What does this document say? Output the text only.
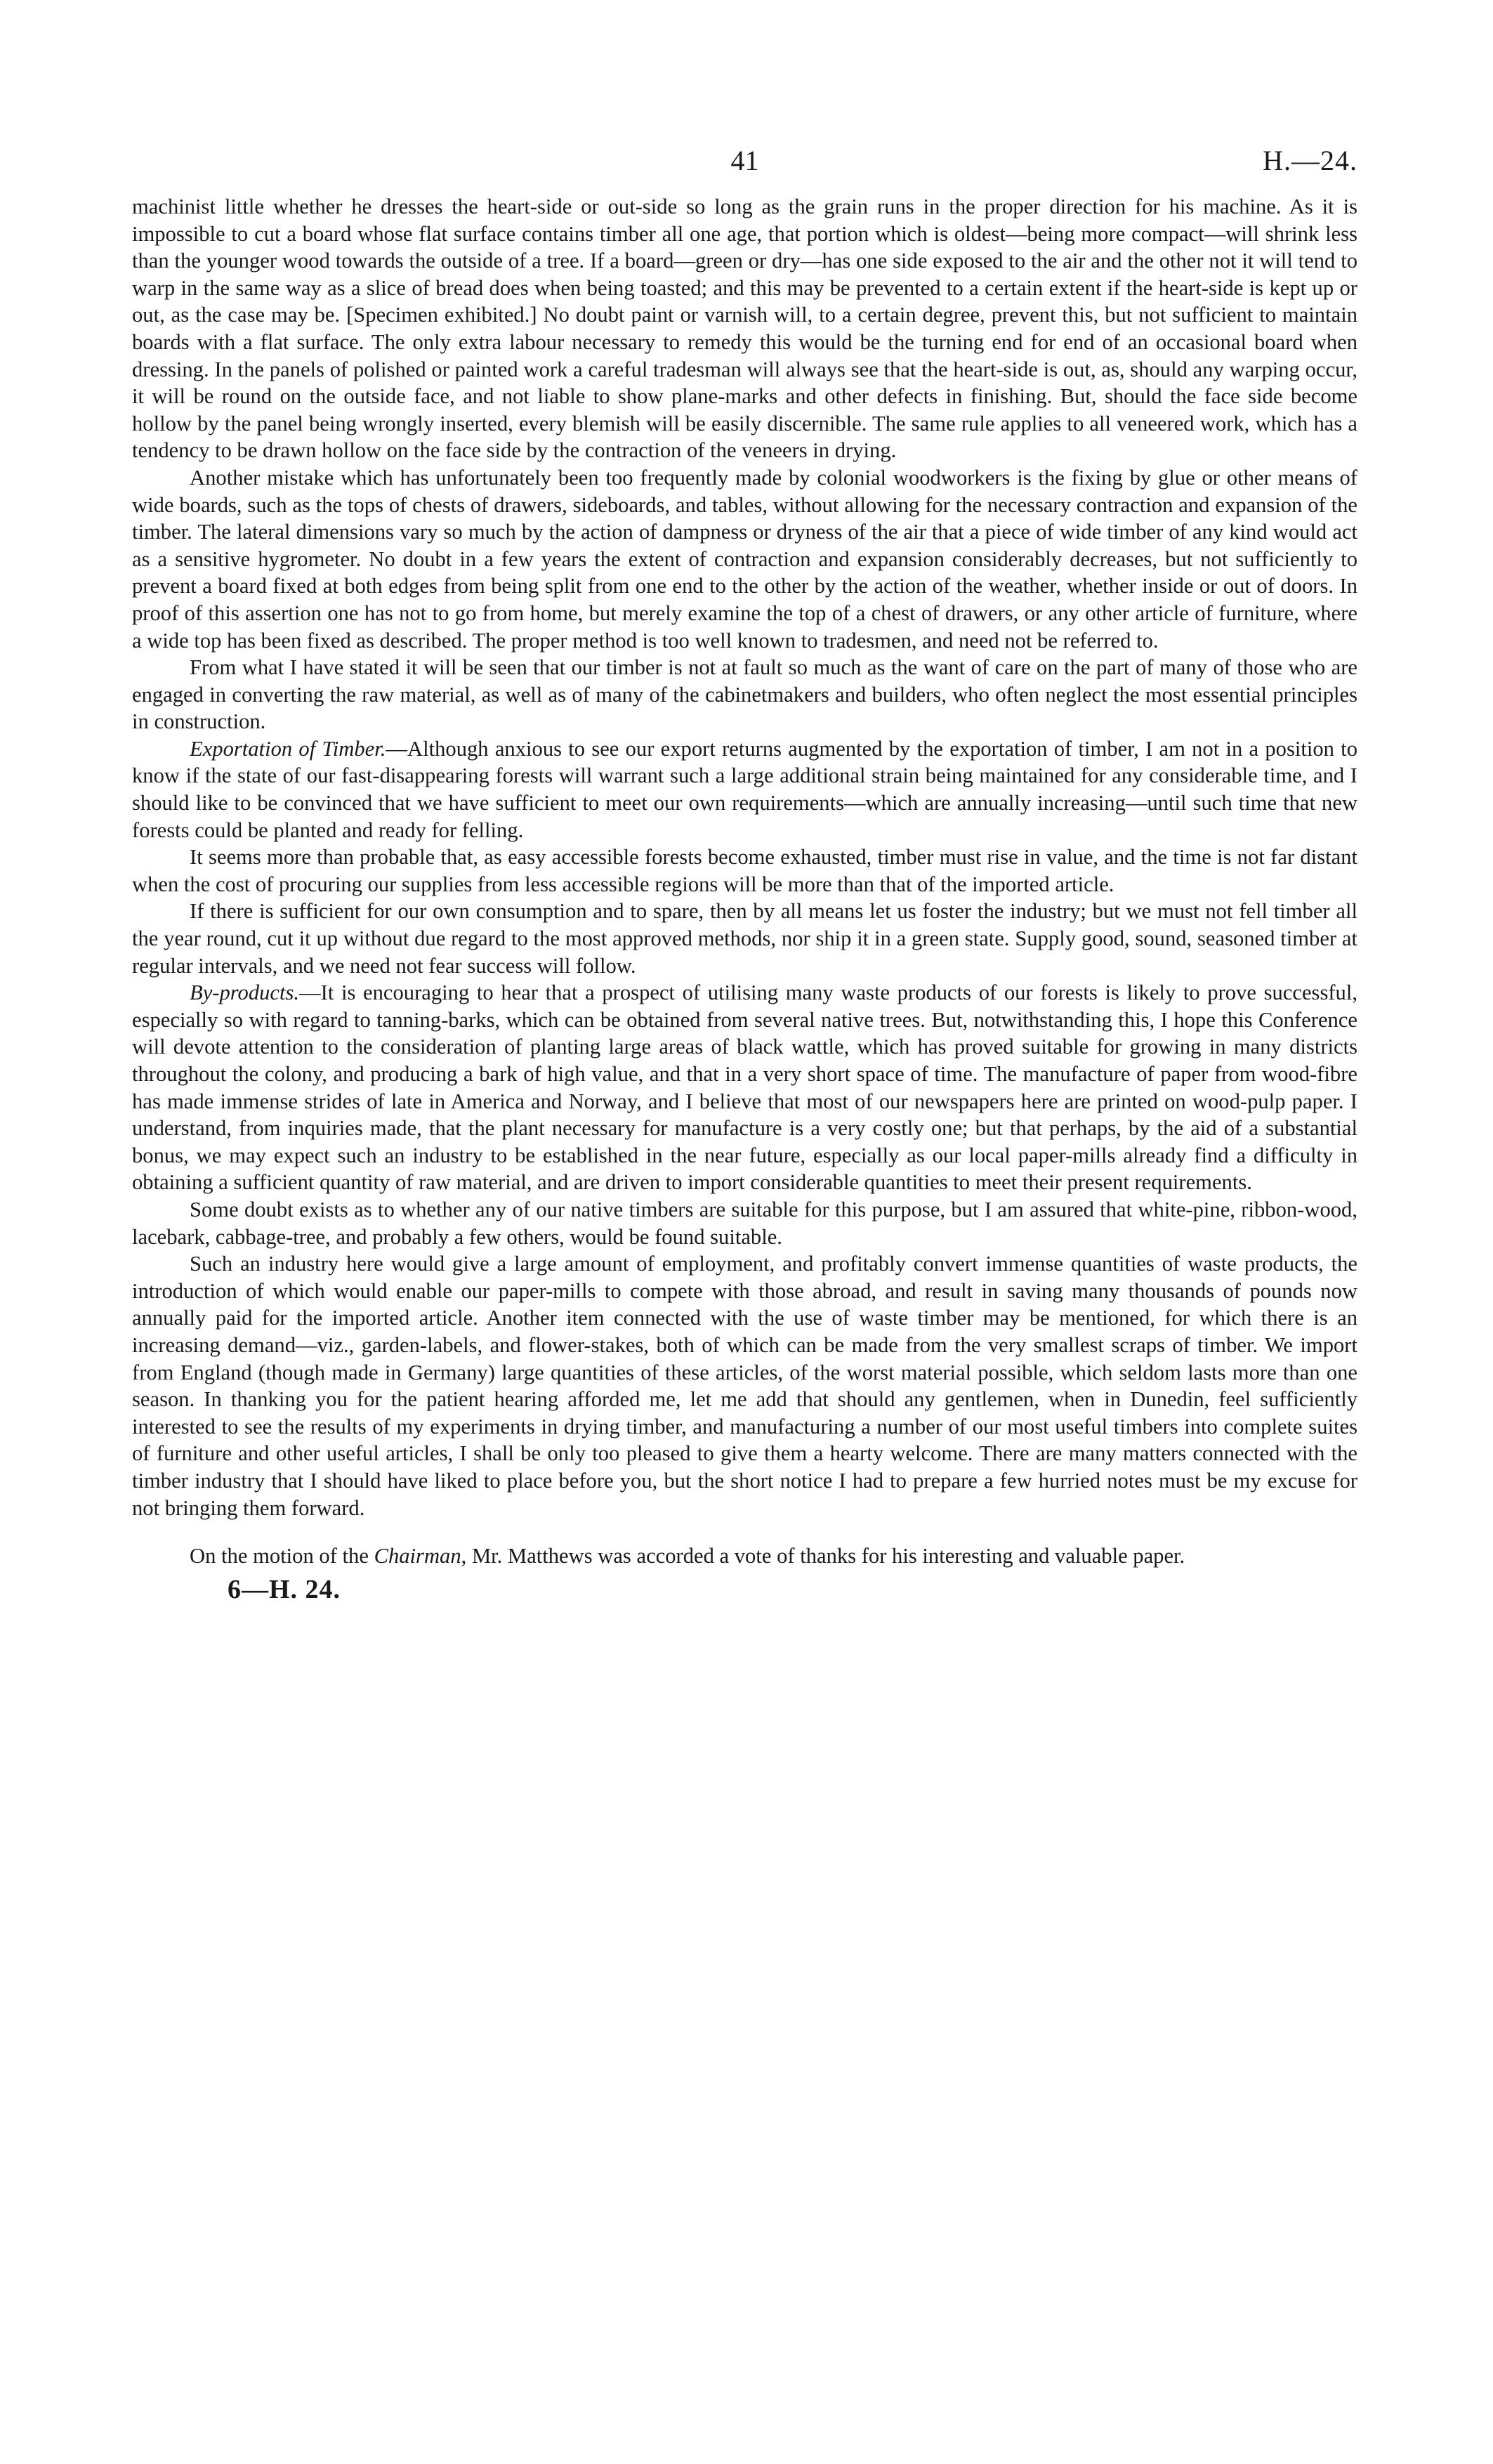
41	H.—24.

machinist little whether he dresses the heart-side or out-side so long as the grain runs in the proper direction for his machine. As it is impossible to cut a board whose flat surface contains timber all one age, that portion which is oldest—being more compact—will shrink less than the younger wood towards the outside of a tree. If a board—green or dry—has one side exposed to the air and the other not it will tend to warp in the same way as a slice of bread does when being toasted; and this may be prevented to a certain extent if the heart-side is kept up or out, as the case may be. [Specimen exhibited.] No doubt paint or varnish will, to a certain degree, prevent this, but not sufficient to maintain boards with a flat surface. The only extra labour necessary to remedy this would be the turning end for end of an occasional board when dressing. In the panels of polished or painted work a careful tradesman will always see that the heart-side is out, as, should any warping occur, it will be round on the outside face, and not liable to show plane-marks and other defects in finishing. But, should the face side become hollow by the panel being wrongly inserted, every blemish will be easily discernible. The same rule applies to all veneered work, which has a tendency to be drawn hollow on the face side by the contraction of the veneers in drying.

Another mistake which has unfortunately been too frequently made by colonial woodworkers is the fixing by glue or other means of wide boards, such as the tops of chests of drawers, sideboards, and tables, without allowing for the necessary contraction and expansion of the timber. The lateral dimensions vary so much by the action of dampness or dryness of the air that a piece of wide timber of any kind would act as a sensitive hygrometer. No doubt in a few years the extent of contraction and expansion considerably decreases, but not sufficiently to prevent a board fixed at both edges from being split from one end to the other by the action of the weather, whether inside or out of doors. In proof of this assertion one has not to go from home, but merely examine the top of a chest of drawers, or any other article of furniture, where a wide top has been fixed as described. The proper method is too well known to tradesmen, and need not be referred to.

From what I have stated it will be seen that our timber is not at fault so much as the want of care on the part of many of those who are engaged in converting the raw material, as well as of many of the cabinetmakers and builders, who often neglect the most essential principles in construction.

Exportation of Timber.—Although anxious to see our export returns augmented by the exportation of timber, I am not in a position to know if the state of our fast-disappearing forests will warrant such a large additional strain being maintained for any considerable time, and I should like to be convinced that we have sufficient to meet our own requirements—which are annually increasing—until such time that new forests could be planted and ready for felling.

It seems more than probable that, as easy accessible forests become exhausted, timber must rise in value, and the time is not far distant when the cost of procuring our supplies from less accessible regions will be more than that of the imported article.

If there is sufficient for our own consumption and to spare, then by all means let us foster the industry; but we must not fell timber all the year round, cut it up without due regard to the most approved methods, nor ship it in a green state. Supply good, sound, seasoned timber at regular intervals, and we need not fear success will follow.

By-products.—It is encouraging to hear that a prospect of utilising many waste products of our forests is likely to prove successful, especially so with regard to tanning-barks, which can be obtained from several native trees. But, notwithstanding this, I hope this Conference will devote attention to the consideration of planting large areas of black wattle, which has proved suitable for growing in many districts throughout the colony, and producing a bark of high value, and that in a very short space of time. The manufacture of paper from wood-fibre has made immense strides of late in America and Norway, and I believe that most of our newspapers here are printed on wood-pulp paper. I understand, from inquiries made, that the plant necessary for manufacture is a very costly one; but that perhaps, by the aid of a substantial bonus, we may expect such an industry to be established in the near future, especially as our local paper-mills already find a difficulty in obtaining a sufficient quantity of raw material, and are driven to import considerable quantities to meet their present requirements.

Some doubt exists as to whether any of our native timbers are suitable for this purpose, but I am assured that white-pine, ribbon-wood, lacebark, cabbage-tree, and probably a few others, would be found suitable.

Such an industry here would give a large amount of employment, and profitably convert immense quantities of waste products, the introduction of which would enable our paper-mills to compete with those abroad, and result in saving many thousands of pounds now annually paid for the imported article. Another item connected with the use of waste timber may be mentioned, for which there is an increasing demand—viz., garden-labels, and flower-stakes, both of which can be made from the very smallest scraps of timber. We import from England (though made in Germany) large quantities of these articles, of the worst material possible, which seldom lasts more than one season. In thanking you for the patient hearing afforded me, let me add that should any gentlemen, when in Dunedin, feel sufficiently interested to see the results of my experiments in drying timber, and manufacturing a number of our most useful timbers into complete suites of furniture and other useful articles, I shall be only too pleased to give them a hearty welcome. There are many matters connected with the timber industry that I should have liked to place before you, but the short notice I had to prepare a few hurried notes must be my excuse for not bringing them forward.

On the motion of the Chairman, Mr. Matthews was accorded a vote of thanks for his interesting and valuable paper.

6—H. 24.
